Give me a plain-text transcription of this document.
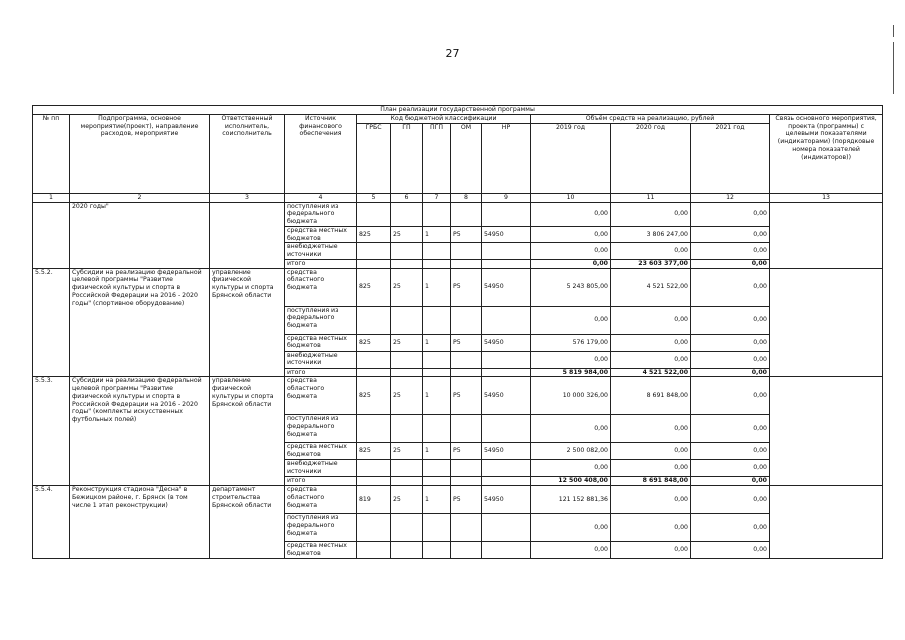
27
План реализации государственной программы												
№ пп	Подпрограмма, основное мероприятие(проект), направление расходов, мероприятие	Ответственный исполнитель, соисполнитель	Источник финансового обеспечения	Код бюджетной классификации					Объём средств на реализацию, рублей			Связь основного мероприятия, проекта (программы) с целевыми показателями (индикаторами) (порядковые номера показателей (индикаторов))
				ГРБС	ГП	ПГП	ОМ	НР	2019 год	2020 год	2021 год	

1	2	3	4	5	6	7	8	9	10	11	12	13
	2020 годы"		поступления из федерального бюджета						0,00	0,00	0,00	
			средства местных бюджетов	825	25	1	P5	54950	0,00	3 806 247,00	0,00	
			внебюджетные источники						0,00	0,00	0,00	
			итого						0,00	23 603 377,00	0,00	
5.5.2.	Субсидии на реализацию федеральной целевой программы "Развитие физической культуры и спорта в Российской Федерации на 2016 - 2020 годы" (спортивное оборудование)	управление физической культуры и спорта Брянской области	средства областного бюджета	825	25	1	P5	54950	5 243 805,00	4 521 522,00	0,00	
			поступления из федерального бюджета						0,00	0,00	0,00	
			средства местных бюджетов	825	25	1	P5	54950	576 179,00	0,00	0,00	
			внебюджетные источники						0,00	0,00	0,00	
			итого						5 819 984,00	4 521 522,00	0,00	
5.5.3.	Субсидии на реализацию федеральной целевой программы "Развитие физической культуры и спорта в Российской Федерации на 2016 - 2020 годы" (комплекты искусственных футбольных полей)	управление физической культуры и спорта Брянской области	средства областного бюджета	825	25	1	P5	54950	10 000 326,00	8 691 848,00	0,00	
			поступления из федерального бюджета						0,00	0,00	0,00	
			средства местных бюджетов	825	25	1	P5	54950	2 500 082,00	0,00	0,00	
			внебюджетные источники						0,00	0,00	0,00	
			итого						12 500 408,00	8 691 848,00	0,00	
5.5.4.	Реконструкция стадиона "Десна" в Бежицком районе, г. Брянск (в том числе 1 этап реконструкции)	департамент строительства Брянской области	средства областного бюджета	819	25	1	P5	54950	121 152 881,36	0,00	0,00	
			поступления из федерального бюджета						0,00	0,00	0,00	
			средства местных бюджетов						0,00	0,00	0,00	
